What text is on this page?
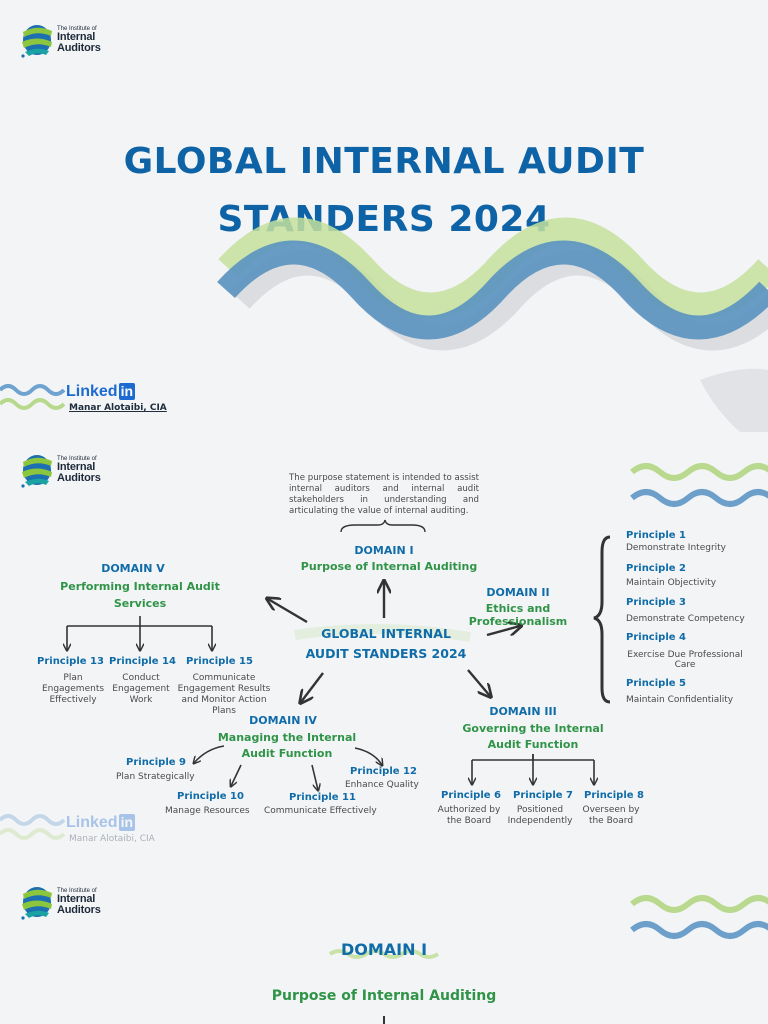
The Institute of
Internal
Auditors
GLOBAL INTERNAL AUDIT
STANDERS 2024
Linked in
Manar Alotaibi, CIA
The Institute of
Internal
Auditors	The purpose statement is intended to assist internal auditors and internal audit stakeholders in understanding and articulating the value of internal auditing.
DOMAIN I
Purpose of Internal Auditing
DOMAIN V
Performing Internal Audit Services
GLOBAL INTERNAL
AUDIT STANDERS 2024
DOMAIN II
Ethics and Professionalism
Principle 1
Demonstrate Integrity
Principle 2
Maintain Objectivity
Principle 3
Demonstrate Competency
Principle 4
Exercise Due Professional Care
Principle 5
Maintain Confidentiality
Principle 13
Plan Engagements Effectively
Principle 14
Conduct Engagement Work
Principle 15
Communicate Engagement Results and Monitor Action Plans
DOMAIN IV
Managing the Internal Audit Function
Principle 9
Plan Strategically
Principle 10
Manage Resources
Principle 11
Communicate Effectively
Principle 12
Enhance Quality
DOMAIN III
Governing the Internal Audit Function
Principle 6
Authorized by the Board
Principle 7
Positioned Independently
Principle 8
Overseen by the Board
Linked in
Manar Alotaibi, CIA
The Institute of
Internal
Auditors
DOMAIN I
Purpose of Internal Auditing
